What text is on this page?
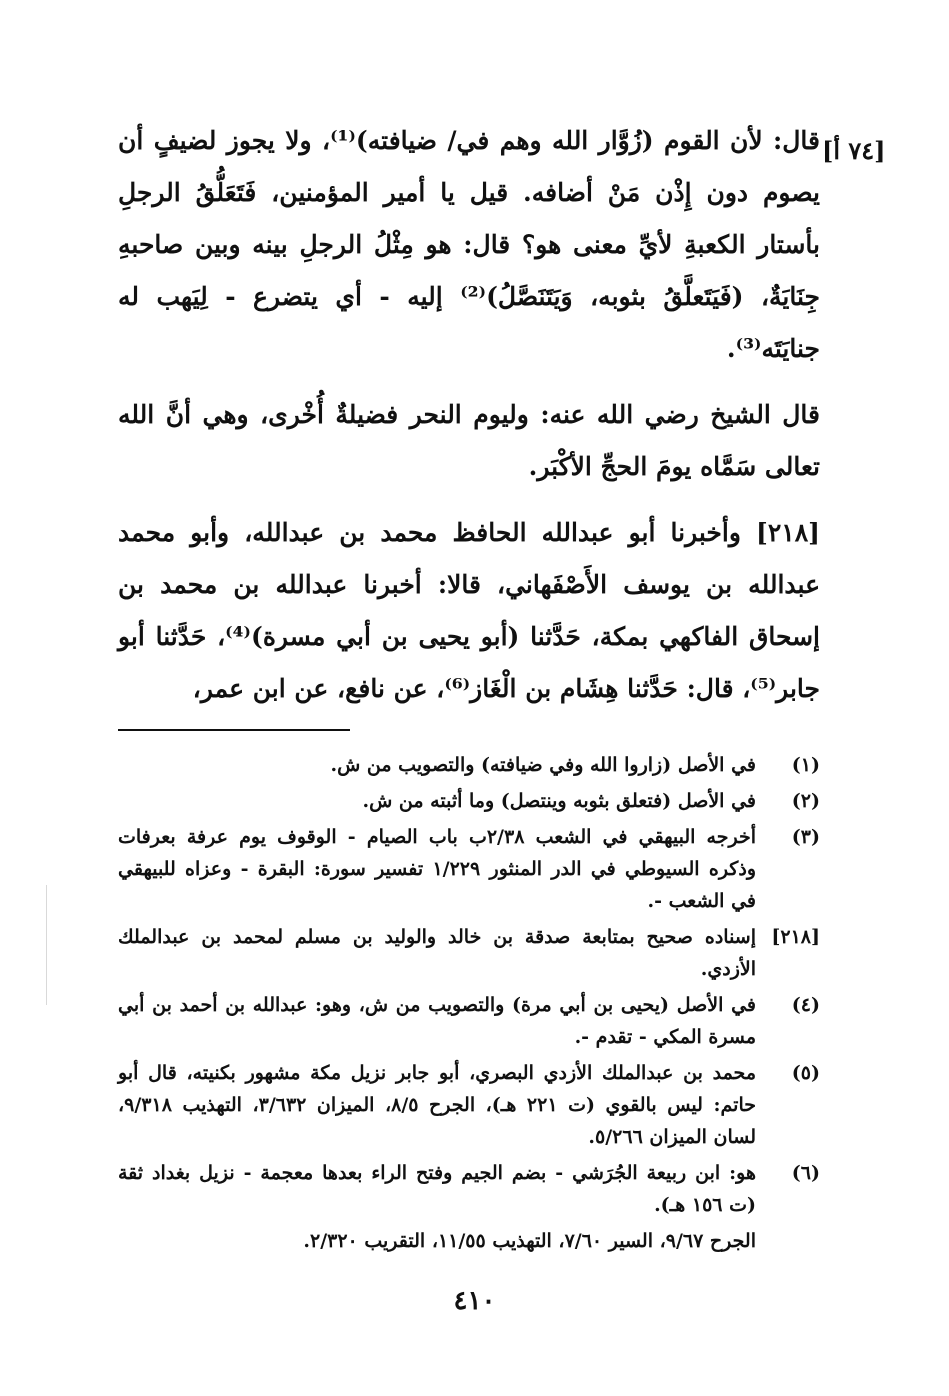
[٧٤ أ]

قال: لأن القوم (زُوَّار الله وهم في/ ضيافته)⁽¹⁾، ولا يجوز لضيفٍ أن يصوم دون إِذْن مَنْ أضافه. قيل يا أمير المؤمنين، فَتَعَلُّقُ الرجلِ بأستار الكعبةِ لأيِّ معنى هو؟ قال: هو مِثْلُ الرجلِ بينه وبين صاحبهِ جِنَايَةٌ، (فَيَتَعلَّقُ بثوبه، وَيَتَنَصَّلُ)⁽²⁾ إليه - أي يتضرع - لِيَهب له جنايَتَه⁽³⁾.

قال الشيخ رضي الله عنه: وليوم النحر فضيلةٌ أُخْرى، وهي أنَّ الله تعالى سَمَّاه يومَ الحجِّ الأكْبَر.

[٢١٨] وأخبرنا أبو عبدالله الحافظ محمد بن عبدالله، وأبو محمد عبدالله بن يوسف الأَصْفَهاني، قالا: أخبرنا عبدالله بن محمد بن إسحاق الفاكهي بمكة، حَدَّثنا (أبو يحيى بن أبي مسرة)⁽⁴⁾، حَدَّثنا أبو جابر⁽⁵⁾، قال: حَدَّثنا هِشَام بن الْغَاز⁽⁶⁾، عن نافع، عن ابن عمر،

(١)
في الأصل (زاروا الله وفي ضيافته) والتصويب من ش.
(٢)
في الأصل (فتعلق بثوبه وينتصل) وما أثبته من ش.
(٣)
أخرجه البيهقي في الشعب ٢/٣٨ب باب الصيام - الوقوف يوم عرفة بعرفات وذكره السيوطي في الدر المنثور ١/٢٢٩ تفسير سورة: البقرة - وعزاه للبيهقي في الشعب -.
[٢١٨]
إسناده صحيح بمتابعة صدقة بن خالد والوليد بن مسلم لمحمد بن عبدالملك الأزدي.
(٤)
في الأصل (يحيى بن أبي مرة) والتصويب من ش، وهو: عبدالله بن أحمد بن أبي مسرة المكي - تقدم -.
(٥)
محمد بن عبدالملك الأزدي البصري، أبو جابر نزيل مكة مشهور بكنيته، قال أبو حاتم: ليس بالقوي (ت ٢٢١ هـ)، الجرح ٨/٥، الميزان ٣/٦٣٢، التهذيب ٩/٣١٨، لسان الميزان ٥/٢٦٦.
(٦)
هو: ابن ربيعة الجُرَشي - بضم الجيم وفتح الراء بعدها معجمة - نزيل بغداد ثقة (ت ١٥٦ هـ).
الجرح ٩/٦٧، السير ٧/٦٠، التهذيب ١١/٥٥، التقريب ٢/٣٢٠.
٤١٠
